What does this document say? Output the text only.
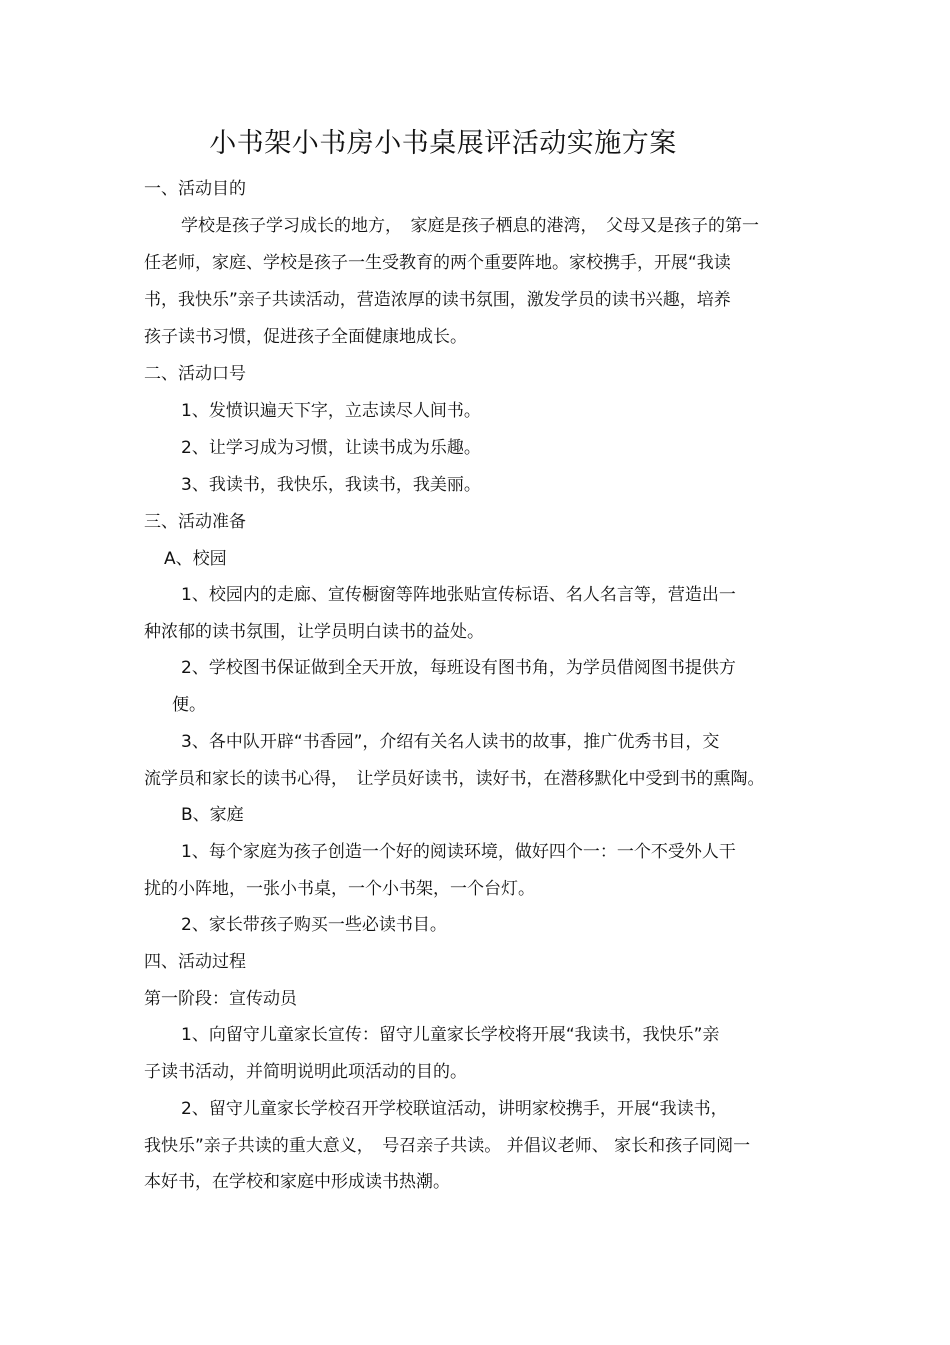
小书架小书房小书桌展评活动实施方案
一、活动目的
学校是孩子学习成长的地方，　家庭是孩子栖息的港湾，　父母又是孩子的第一
任老师，家庭、学校是孩子一生受教育的两个重要阵地。家校携手，开展“我读
书，我快乐”亲子共读活动，营造浓厚的读书氛围，激发学员的读书兴趣，培养
孩子读书习惯，促进孩子全面健康地成长。
二、活动口号
1、发愤识遍天下字，立志读尽人间书。
2、让学习成为习惯，让读书成为乐趣。
3、我读书，我快乐，我读书，我美丽。
三、活动准备
A、校园
1、校园内的走廊、宣传橱窗等阵地张贴宣传标语、名人名言等，营造出一
种浓郁的读书氛围，让学员明白读书的益处。
2、学校图书保证做到全天开放，每班设有图书角，为学员借阅图书提供方
便。
3、各中队开辟“书香园”，介绍有关名人读书的故事，推广优秀书目，交
流学员和家长的读书心得，　让学员好读书，读好书，在潜移默化中受到书的熏陶。
B、家庭
1、每个家庭为孩子创造一个好的阅读环境，做好四个一：一个不受外人干
扰的小阵地，一张小书桌，一个小书架，一个台灯。
2、家长带孩子购买一些必读书目。
四、活动过程
第一阶段：宣传动员
1、向留守儿童家长宣传：留守儿童家长学校将开展“我读书，我快乐”亲
子读书活动，并简明说明此项活动的目的。
2、留守儿童家长学校召开学校联谊活动，讲明家校携手，开展“我读书，
我快乐”亲子共读的重大意义，　号召亲子共读。 并倡议老师、 家长和孩子同阅一
本好书，在学校和家庭中形成读书热潮。
